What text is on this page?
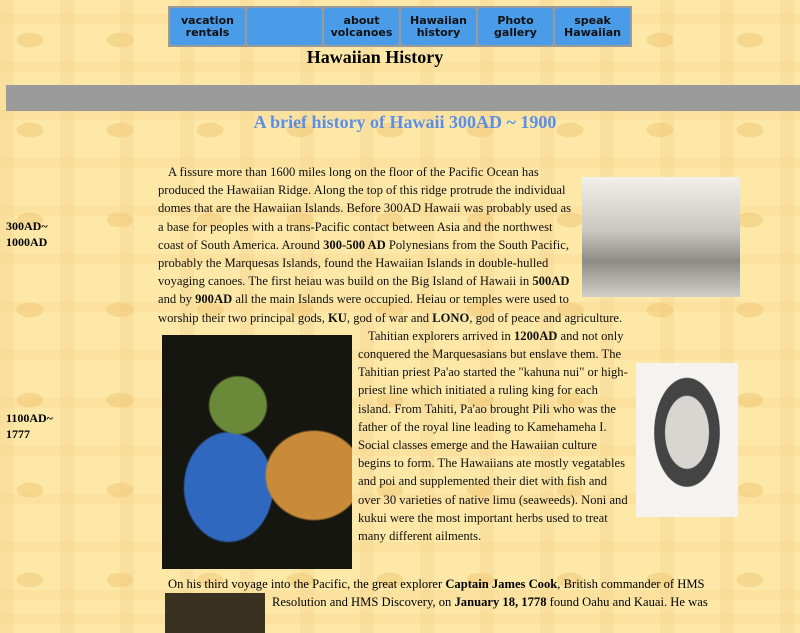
vacation rentals
about volcanoes
Hawaiian history
Photo gallery
speak Hawaiian
Hawaiian History
A brief history of Hawaii 300AD ~ 1900
300AD~ 1000AD
1100AD~ 1777

A fissure more than 1600 miles long on the floor of the Pacific Ocean has produced the Hawaiian Ridge. Along the top of this ridge protrude the individual domes that are the Hawaiian Islands. Before 300AD Hawaii was probably used as a base for peoples with a trans-Pacific contact between Asia and the northwest coast of South America. Around 300-500 AD Polynesians from the South Pacific, probably the Marquesas Islands, found the Hawaiian Islands in double-hulled voyaging canoes. The first heiau was build on the Big Island of Hawaii in 500AD and by 900AD all the main Islands were occupied. Heiau or temples were used to worship their two principal gods, KU, god of war and LONO, god of peace and agriculture.

Tahitian explorers arrived in 1200AD and not only conquered the Marquesasians but enslave them. The Tahitian priest Pa'ao started the "kahuna nui" or high-priest line which initiated a ruling king for each island. From Tahiti, Pa'ao brought Pili who was the father of the royal line leading to Kamehameha I. Social classes emerge and the Hawaiian culture begins to form. The Hawaiians ate mostly vegatables and poi and supplemented their diet with fish and over 30 varieties of native limu (seaweeds). Noni and kukui were the most important herbs used to treat many different ailments.

On his third voyage into the Pacific, the great explorer Captain James Cook, British commander of HMS Resolution and HMS Discovery, on January 18, 1778 found Oahu and Kauai. He was
